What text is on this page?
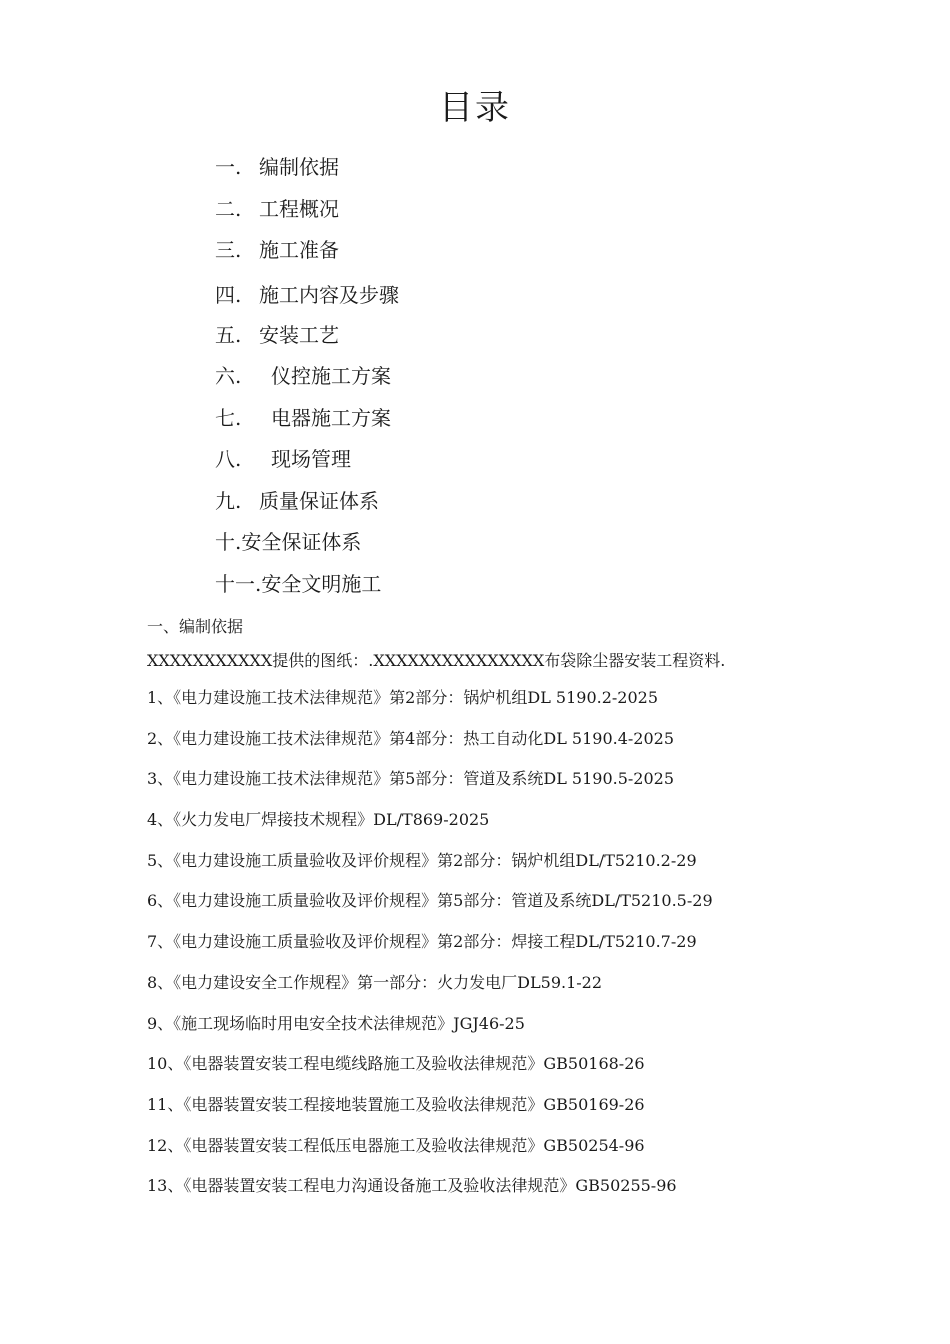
目录
一. 编制依据
二. 工程概况
三. 施工准备
四. 施工内容及步骤
五. 安装工艺
六. 仪控施工方案
七. 电器施工方案
八. 现场管理
九. 质量保证体系
十.安全保证体系
十一.安全文明施工
一、编制依据
XXXXXXXXXXX提供的图纸：.XXXXXXXXXXXXXXX布袋除尘器安装工程资料.
1、《电力建设施工技术法律规范》第2部分：锅炉机组DL 5190.2-2025
2、《电力建设施工技术法律规范》第4部分：热工自动化DL 5190.4-2025
3、《电力建设施工技术法律规范》第5部分：管道及系统DL 5190.5-2025
4、《火力发电厂焊接技术规程》DL/T869-2025
5、《电力建设施工质量验收及评价规程》第2部分：锅炉机组DL/T5210.2-29
6、《电力建设施工质量验收及评价规程》第5部分：管道及系统DL/T5210.5-29
7、《电力建设施工质量验收及评价规程》第2部分：焊接工程DL/T5210.7-29
8、《电力建设安全工作规程》第一部分：火力发电厂DL59.1-22
9、《施工现场临时用电安全技术法律规范》JGJ46-25
10、《电器装置安装工程电缆线路施工及验收法律规范》GB50168-26
11、《电器装置安装工程接地装置施工及验收法律规范》GB50169-26
12、《电器装置安装工程低压电器施工及验收法律规范》GB50254-96
13、《电器装置安装工程电力沟通设备施工及验收法律规范》GB50255-96
